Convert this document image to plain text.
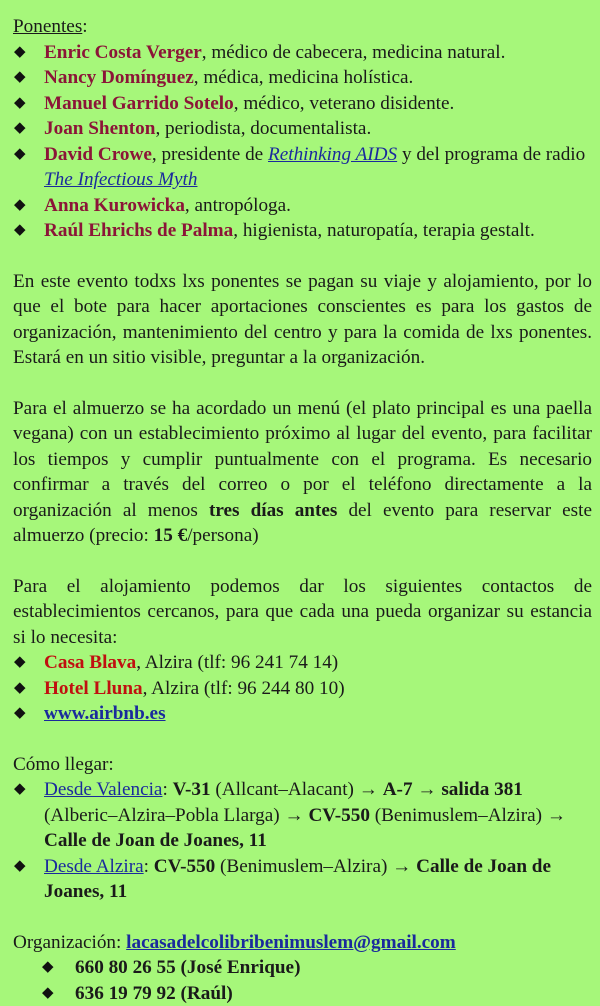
Ponentes:
◆ Enric Costa Verger, médico de cabecera, medicina natural.
◆ Nancy Domínguez, médica, medicina holística.
◆ Manuel Garrido Sotelo, médico, veterano disidente.
◆ Joan Shenton, periodista, documentalista.
◆ David Crowe, presidente de Rethinking AIDS y del programa de radio The Infectious Myth
◆ Anna Kurowicka, antropóloga.
◆ Raúl Ehrichs de Palma, higienista, naturopatía, terapia gestalt.

En este evento todxs lxs ponentes se pagan su viaje y alojamiento, por lo que el bote para hacer aportaciones conscientes es para los gastos de organización, mantenimiento del centro y para la comida de lxs ponentes. Estará en un sitio visible, preguntar a la organización.

Para el almuerzo se ha acordado un menú (el plato principal es una paella vegana) con un establecimiento próximo al lugar del evento, para facilitar los tiempos y cumplir puntualmente con el programa. Es necesario confirmar a través del correo o por el teléfono directamente a la organización al menos tres días antes del evento para reservar este almuerzo (precio: 15 €/persona)

Para el alojamiento podemos dar los siguientes contactos de establecimientos cercanos, para que cada una pueda organizar su estancia si lo necesita:

◆ Casa Blava, Alzira (tlf: 96 241 74 14)
◆ Hotel Lluna, Alzira (tlf: 96 244 80 10)
◆ www.airbnb.es
Cómo llegar:
◆ Desde Valencia: V-31 (Allcant–Alacant) → A-7 → salida 381 (Alberic–Alzira–Pobla Llarga) → CV-550 (Benimuslem–Alzira) → Calle de Joan de Joanes, 11
◆ Desde Alzira: CV-550 (Benimuslem–Alzira) → Calle de Joan de Joanes, 11
Organización: lacasadelcolibribenimuslem@gmail.com
◆ 660 80 26 55 (José Enrique)
◆ 636 19 79 92 (Raúl)
